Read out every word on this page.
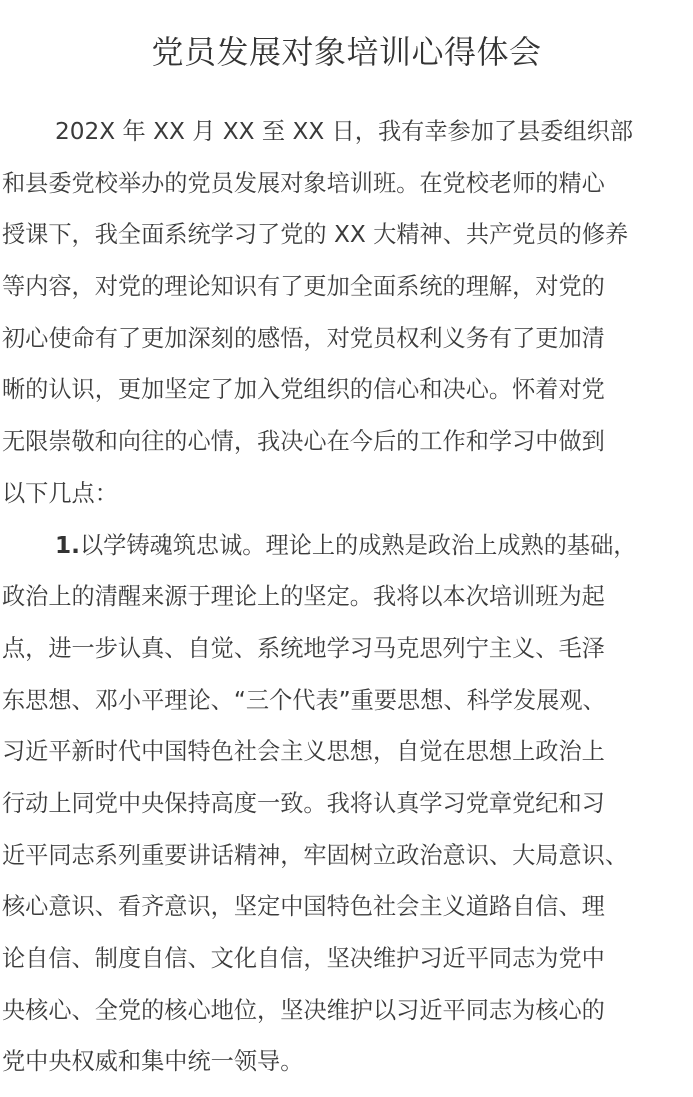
党员发展对象培训心得体会
202X 年 XX 月 XX 至 XX 日，我有幸参加了县委组织部
和县委党校举办的党员发展对象培训班。在党校老师的精心
授课下，我全面系统学习了党的 XX 大精神、共产党员的修养
等内容，对党的理论知识有了更加全面系统的理解，对党的
初心使命有了更加深刻的感悟，对党员权利义务有了更加清
晰的认识，更加坚定了加入党组织的信心和决心。怀着对党
无限崇敬和向往的心情，我决心在今后的工作和学习中做到
以下几点：
1.以学铸魂筑忠诚。理论上的成熟是政治上成熟的基础，
政治上的清醒来源于理论上的坚定。我将以本次培训班为起
点，进一步认真、自觉、系统地学习马克思列宁主义、毛泽
东思想、邓小平理论、“三个代表”重要思想、科学发展观、
习近平新时代中国特色社会主义思想，自觉在思想上政治上
行动上同党中央保持高度一致。我将认真学习党章党纪和习
近平同志系列重要讲话精神，牢固树立政治意识、大局意识、
核心意识、看齐意识，坚定中国特色社会主义道路自信、理
论自信、制度自信、文化自信，坚决维护习近平同志为党中
央核心、全党的核心地位，坚决维护以习近平同志为核心的
党中央权威和集中统一领导。
